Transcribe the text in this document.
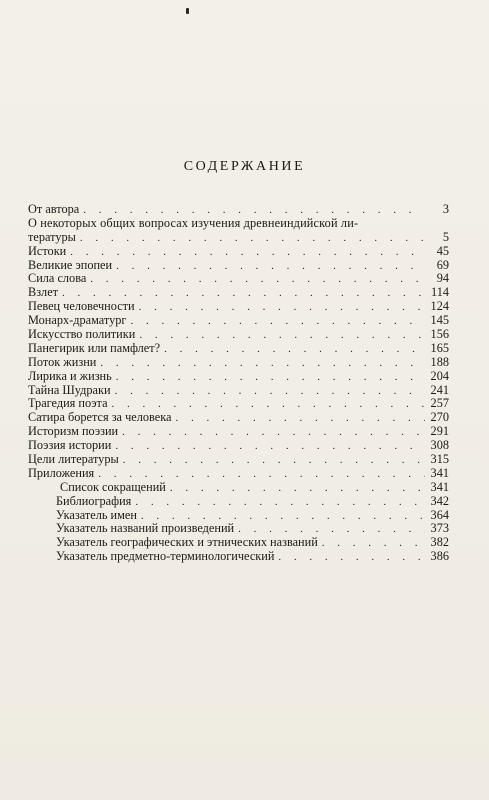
СОДЕРЖАНИЕ
От автора . . .	3
О некоторых общих вопросах изучения древнеиндийской ли-
тературы . . .	5
Истоки . . .	45
Великие эпопеи . . .	69
Сила слова . . .	94
Взлет . . .	114
Певец человечности . . .	124
Монарх-драматург . . .	145
Искусство политики . . .	156
Панегирик или памфлет? . . .	165
Поток жизни . . .	188
Лирика и жизнь . . .	204
Тайна Шудраки . . .	241
Трагедия поэта . . .	257
Сатира борется за человека . . .	270
Историзм поэзии . . .	291
Поэзия истории . . .	308
Цели литературы . . .	315
Приложения . . .	341
Список сокращений . . .	341
Библиография . . .	342
Указатель имен . . .	364
Указатель названий произведений . . .	373
Указатель географических и этнических названий . . .	382
Указатель предметно-терминологический . . .	386
